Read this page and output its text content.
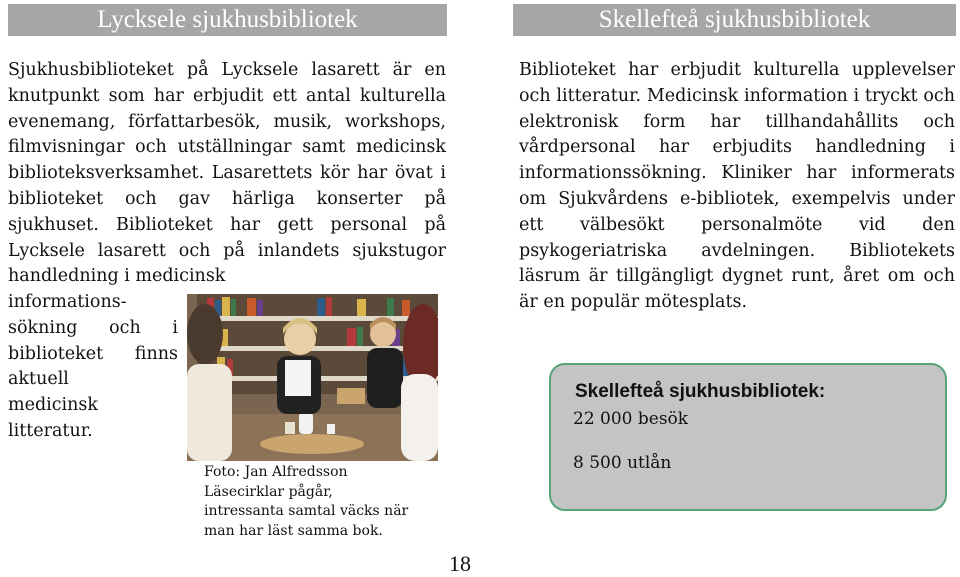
Lycksele sjukhusbibliotek	Skellefteå sjukhusbibliotek

Sjukhusbiblioteket på Lycksele lasarett är en knutpunkt som har erbjudit ett antal kulturella evenemang, författarbesök, musik, workshops, filmvisningar och utställningar samt medicinsk biblioteksverksamhet. Lasarettets kör har övat i biblioteket och gav härliga konserter på sjukhuset. Biblioteket har gett personal på Lycksele lasarett och på inlandets sjukstugor handledning i medicinsk

informations-
sökning och i
biblioteket finns
aktuell
medicinsk
litteratur.

Foto: Jan Alfredsson
Läsecirklar pågår,
intressanta samtal väcks när
man har läst samma bok.

Biblioteket har erbjudit kulturella upplevelser och litteratur. Medicinsk information i tryckt och elektronisk form har tillhandahållits och vårdpersonal har erbjudits handledning i informationssökning. Kliniker har informerats om Sjukvårdens e-bibliotek, exempelvis under ett välbesökt personalmöte vid den psykogeriatriska avdelningen. Bibliotekets läsrum är tillgängligt dygnet runt, året om och är en populär mötesplats.

Skellefteå sjukhusbibliotek:
22 000 besök
8 500 utlån
18
